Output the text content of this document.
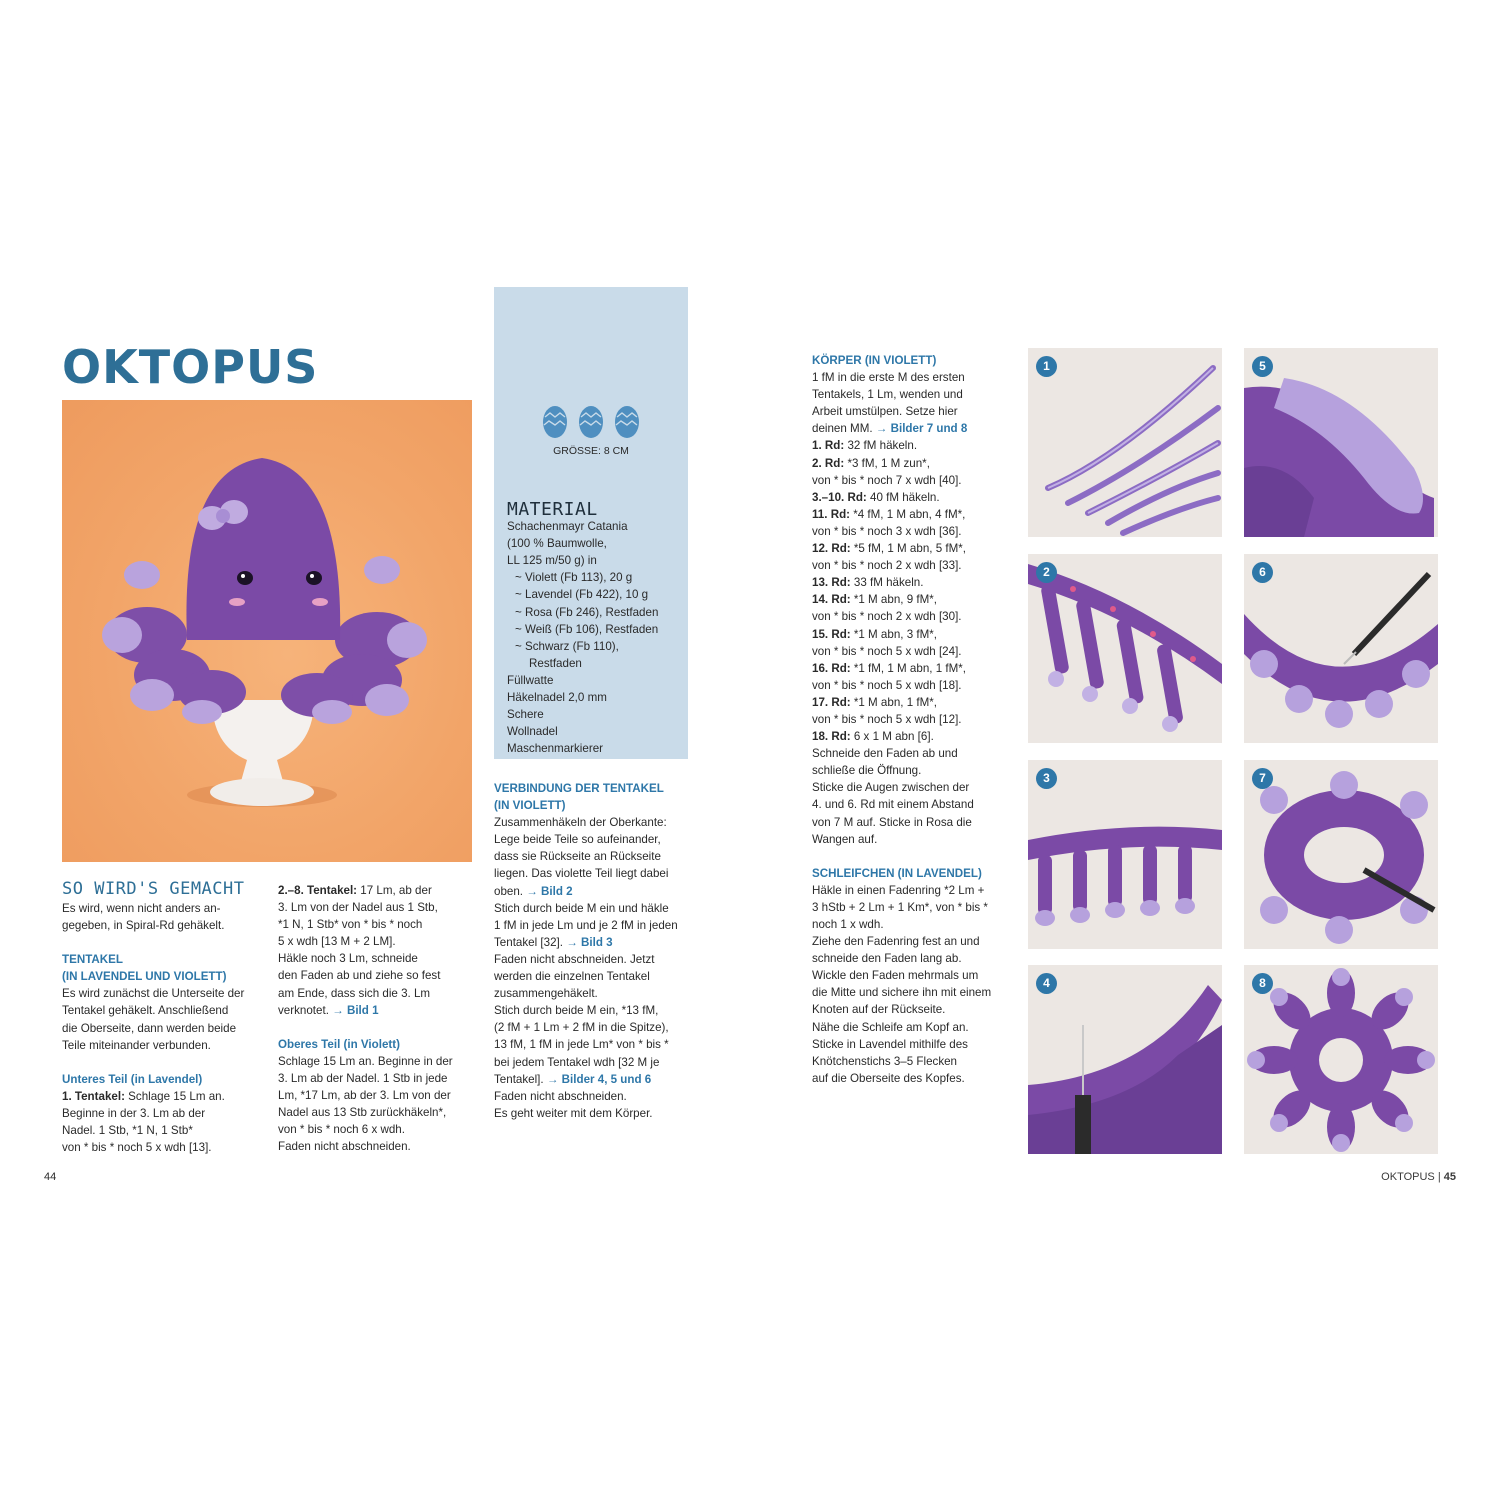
OKTOPUS
SO WIRD'S GEMACHT

Es wird, wenn nicht anders an-

gegeben, in Spiral-Rd gehäkelt.

TENTAKEL

(IN LAVENDEL UND VIOLETT)

Es wird zunächst die Unterseite der

Tentakel gehäkelt. Anschließend

die Oberseite, dann werden beide

Teile miteinander verbunden.

Unteres Teil (in Lavendel)

1. Tentakel: Schlage 15 Lm an.

Beginne in der 3. Lm ab der

Nadel. 1 Stb, *1 N, 1 Stb*

von * bis * noch 5 x wdh [13].

2.–8. Tentakel: 17 Lm, ab der

3. Lm von der Nadel aus 1 Stb,

*1 N, 1 Stb* von * bis * noch

5 x wdh [13 M + 2 LM].

Häkle noch 3 Lm, schneide

den Faden ab und ziehe so fest

am Ende, dass sich die 3. Lm

verknotet. → Bild 1

Oberes Teil (in Violett)

Schlage 15 Lm an. Beginne in der

3. Lm ab der Nadel. 1 Stb in jede

Lm, *17 Lm, ab der 3. Lm von der

Nadel aus 13 Stb zurückhäkeln*,

von * bis * noch 6 x wdh.

Faden nicht abschneiden.

GRÖSSE: 8 CM
MATERIAL

Schachenmayr Catania

(100 % Baumwolle,

LL 125 m/50 g) in

~ Violett (Fb 113), 20 g

~ Lavendel (Fb 422), 10 g

~ Rosa (Fb 246), Restfaden

~ Weiß (Fb 106), Restfaden

~ Schwarz (Fb 110),

Restfaden

Füllwatte

Häkelnadel 2,0 mm

Schere

Wollnadel

Maschenmarkierer

VERBINDUNG DER TENTAKEL

(IN VIOLETT)

Zusammenhäkeln der Oberkante:

Lege beide Teile so aufeinander,

dass sie Rückseite an Rückseite

liegen. Das violette Teil liegt dabei

oben. → Bild 2

Stich durch beide M ein und häkle

1 fM in jede Lm und je 2 fM in jeden

Tentakel [32]. → Bild 3

Faden nicht abschneiden. Jetzt

werden die einzelnen Tentakel

zusammengehäkelt.

Stich durch beide M ein, *13 fM,

(2 fM + 1 Lm + 2 fM in die Spitze),

13 fM, 1 fM in jede Lm* von * bis *

bei jedem Tentakel wdh [32 M je

Tentakel]. → Bilder 4, 5 und 6

Faden nicht abschneiden.

Es geht weiter mit dem Körper.

KÖRPER (IN VIOLETT)

1 fM in die erste M des ersten

Tentakels, 1 Lm, wenden und

Arbeit umstülpen. Setze hier

deinen MM. → Bilder 7 und 8

1. Rd: 32 fM häkeln.

2. Rd: *3 fM, 1 M zun*,

von * bis * noch 7 x wdh [40].

3.–10. Rd: 40 fM häkeln.

11. Rd: *4 fM, 1 M abn, 4 fM*,

von * bis * noch 3 x wdh [36].

12. Rd: *5 fM, 1 M abn, 5 fM*,

von * bis * noch 2 x wdh [33].

13. Rd: 33 fM häkeln.

14. Rd: *1 M abn, 9 fM*,

von * bis * noch 2 x wdh [30].

15. Rd: *1 M abn, 3 fM*,

von * bis * noch 5 x wdh [24].

16. Rd: *1 fM, 1 M abn, 1 fM*,

von * bis * noch 5 x wdh [18].

17. Rd: *1 M abn, 1 fM*,

von * bis * noch 5 x wdh [12].

18. Rd: 6 x 1 M abn [6].

Schneide den Faden ab und

schließe die Öffnung.

Sticke die Augen zwischen der

4. und 6. Rd mit einem Abstand

von 7 M auf. Sticke in Rosa die

Wangen auf.

SCHLEIFCHEN (IN LAVENDEL)

Häkle in einen Fadenring *2 Lm +

3 hStb + 2 Lm + 1 Km*, von * bis *

noch 1 x wdh.

Ziehe den Fadenring fest an und

schneide den Faden lang ab.

Wickle den Faden mehrmals um

die Mitte und sichere ihn mit einem

Knoten auf der Rückseite.

Nähe die Schleife am Kopf an.

Sticke in Lavendel mithilfe des

Knötchenstichs 3–5 Flecken

auf die Oberseite des Kopfes.

1	5
2	6
3	7
4	8
44	OKTOPUS | 45
